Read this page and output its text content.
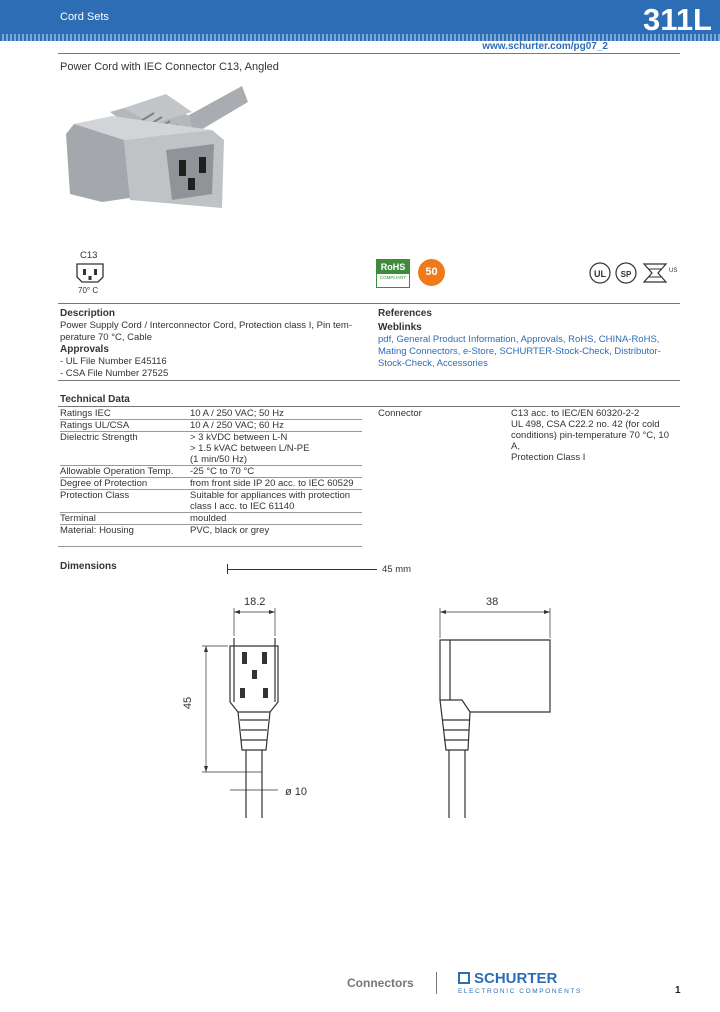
Cord Sets	311L
www.schurter.com/pg07_2
Power Cord with IEC Connector C13, Angled
C13
70° C
RoHS
COMPLIANT	50	UL SP	US
Description
Power Supply Cord / Interconnector Cord, Protection class I, Pin tem-
perature 70 °C, Cable
Approvals
- UL File Number E45116
- CSA File Number 27525
References
Weblinks
pdf, General Product Information, Approvals, RoHS, CHINA-RoHS,
Mating Connectors, e-Store, SCHURTER-Stock-Check, Distributor-
Stock-Check, Accessories
Technical Data
Ratings IEC	10 A / 250 VAC; 50 Hz
Ratings UL/CSA	10 A / 250 VAC; 60 Hz
Dielectric Strength	> 3 kVDC between L-N
> 1.5 kVAC between L/N-PE
(1 min/50 Hz)

Allowable Operation Temp.	-25 °C to 70 °C
Degree of Protection	from front side IP 20 acc. to IEC 60529
Protection Class	Suitable for appliances with protection
class I acc. to IEC 61140

Terminal	moulded
Material: Housing	PVC, black or grey
Connector	C13 acc. to IEC/EN 60320-2-2
UL 498, CSA C22.2 no. 42 (for cold
conditions) pin-temperature 70 °C, 10 A,
Protection Class I
Dimensions	45 mm
18.2
45
ø 10
38
Connectors	SCHURTER
ELECTRONIC COMPONENTS	1
